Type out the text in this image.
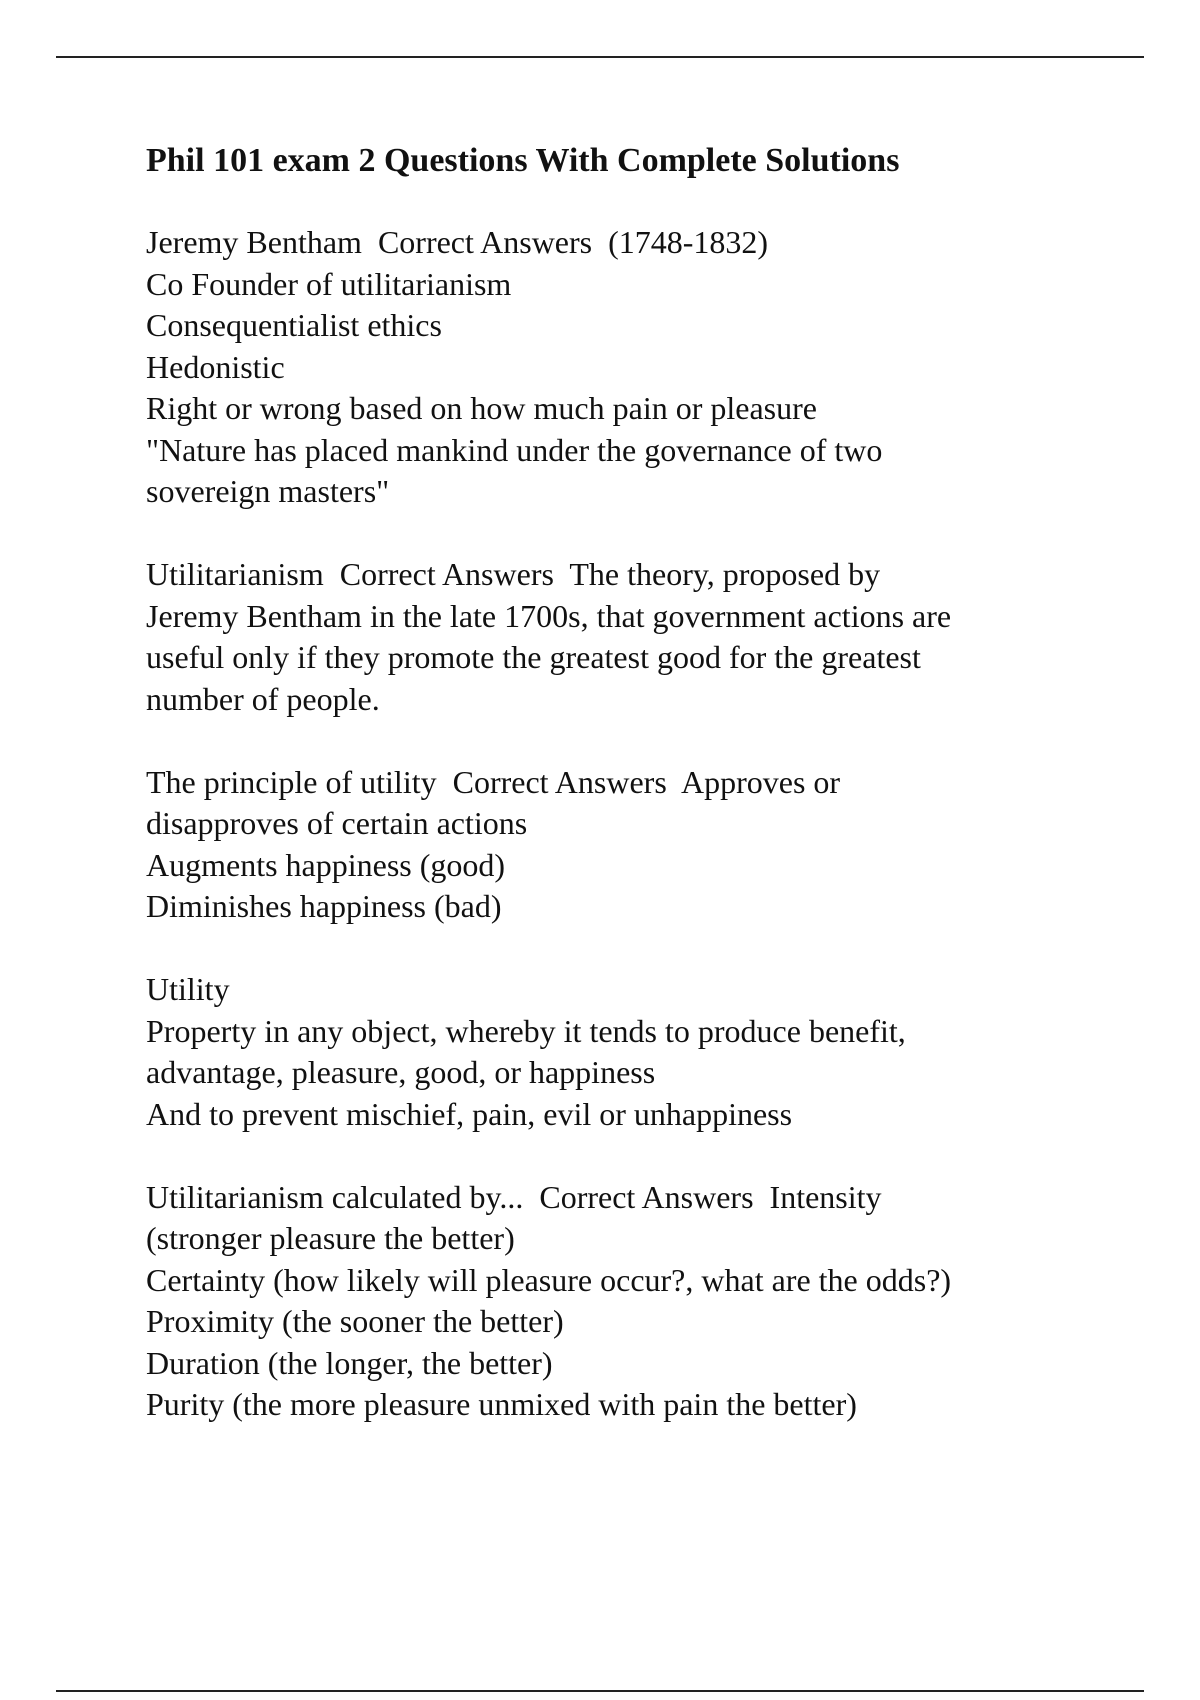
Phil 101 exam 2 Questions With Complete Solutions
Jeremy Bentham  Correct Answers  (1748-1832)
Co Founder of utilitarianism
Consequentialist ethics
Hedonistic
Right or wrong based on how much pain or pleasure
"Nature has placed mankind under the governance of two
sovereign masters"
Utilitarianism  Correct Answers  The theory, proposed by
Jeremy Bentham in the late 1700s, that government actions are
useful only if they promote the greatest good for the greatest
number of people.
The principle of utility  Correct Answers  Approves or
disapproves of certain actions
Augments happiness (good)
Diminishes happiness (bad)
Utility
Property in any object, whereby it tends to produce benefit,
advantage, pleasure, good, or happiness
And to prevent mischief, pain, evil or unhappiness
Utilitarianism calculated by...  Correct Answers  Intensity
(stronger pleasure the better)
Certainty (how likely will pleasure occur?, what are the odds?)
Proximity (the sooner the better)
Duration (the longer, the better)
Purity (the more pleasure unmixed with pain the better)
